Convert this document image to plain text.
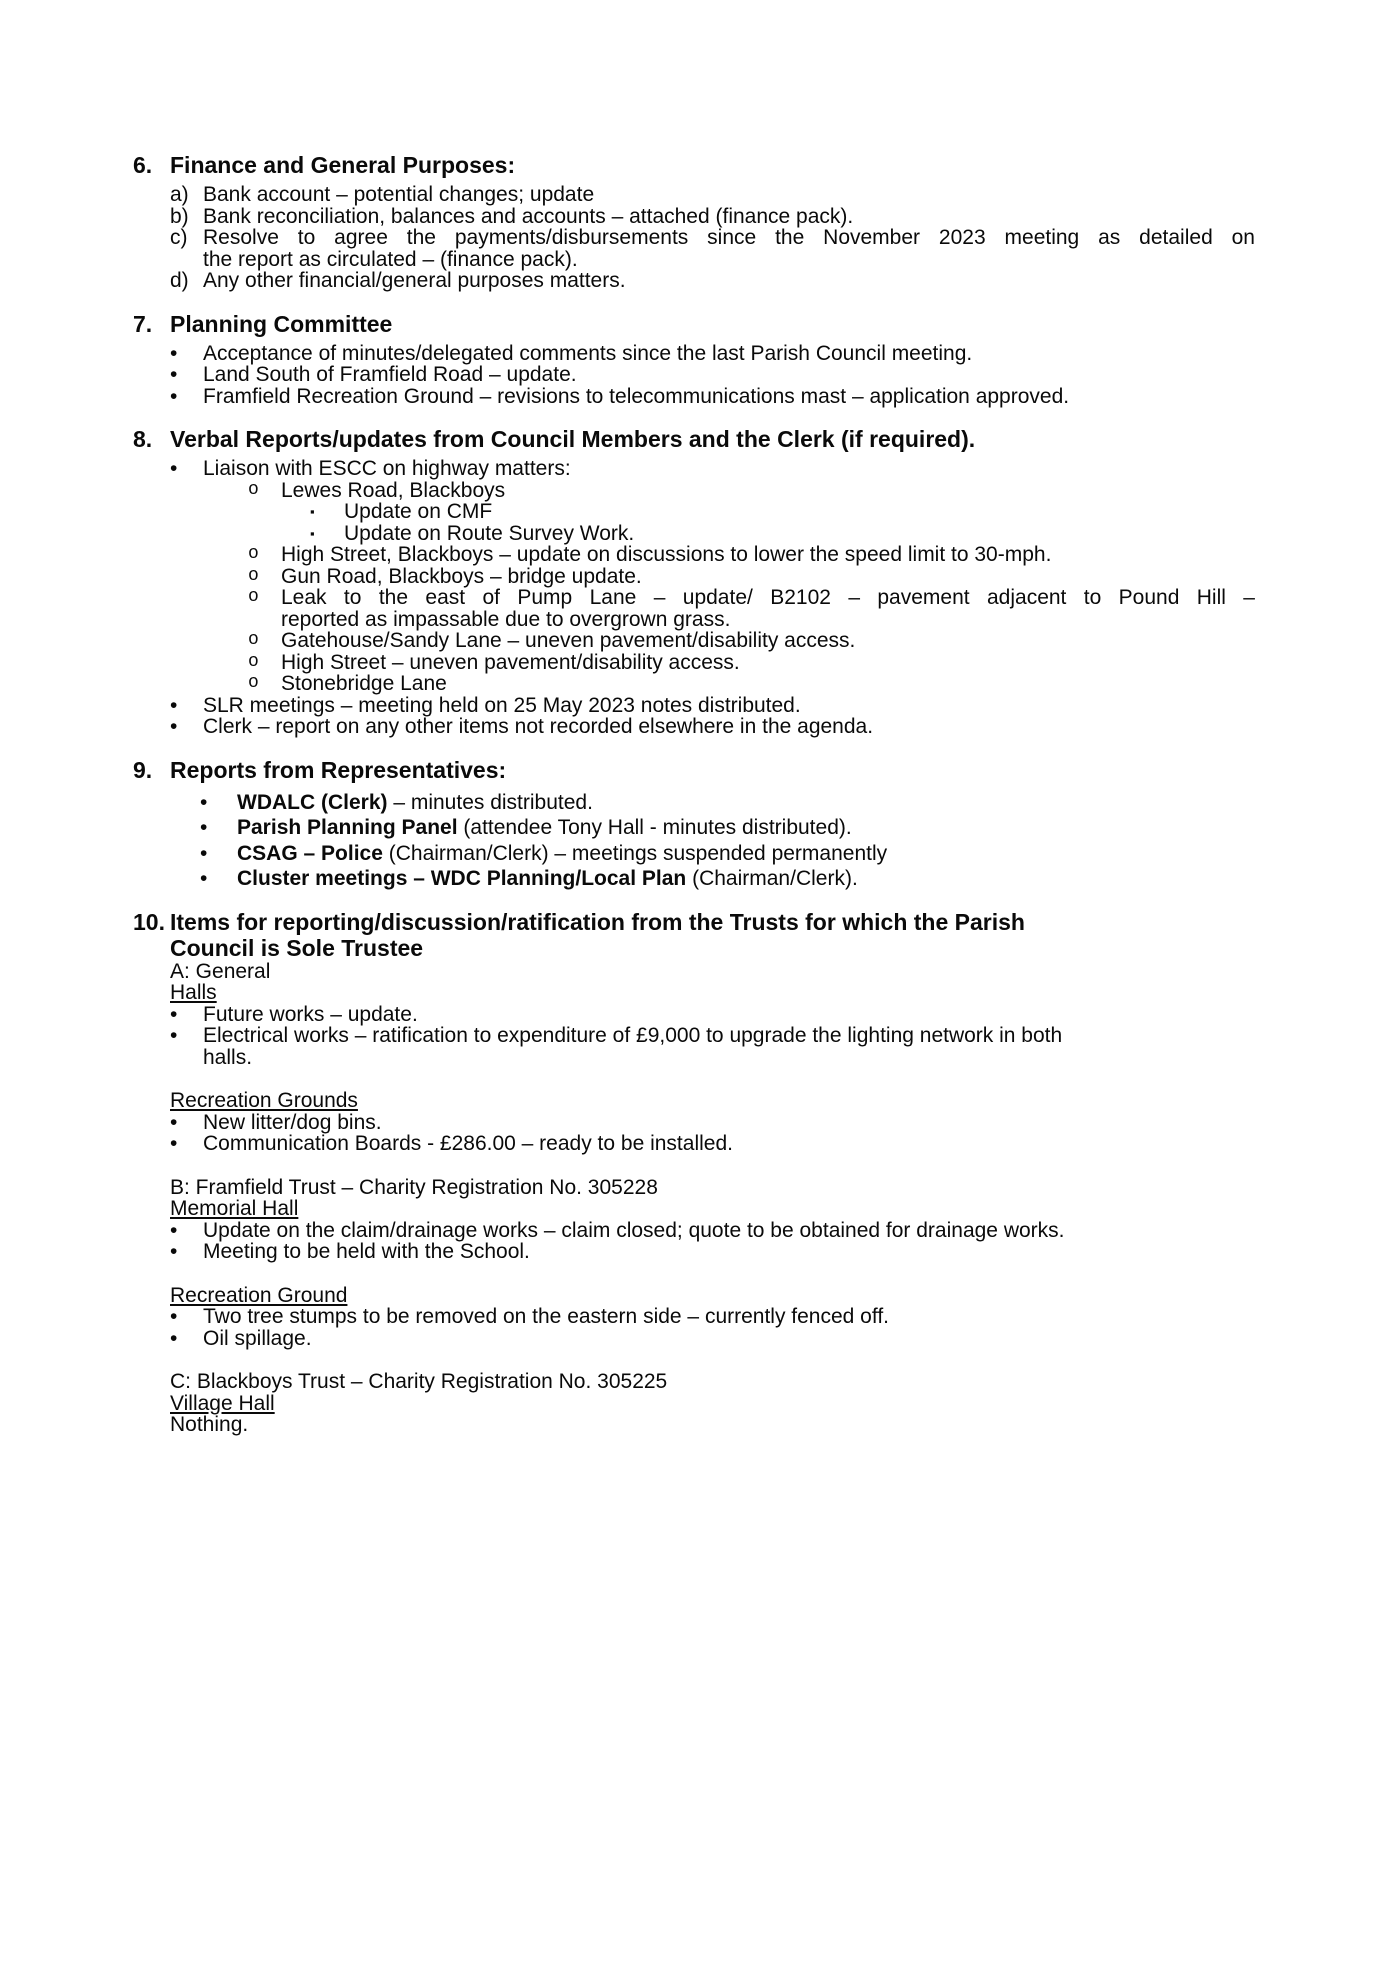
6. Finance and General Purposes:
a) Bank account – potential changes; update
b) Bank reconciliation, balances and accounts – attached (finance pack).
c) Resolve to agree the payments/disbursements since the November 2023 meeting as detailed on
the report as circulated – (finance pack).
d) Any other financial/general purposes matters.
7. Planning Committee
•	Acceptance of minutes/delegated comments since the last Parish Council meeting.
•	Land South of Framfield Road – update.
•	Framfield Recreation Ground – revisions to telecommunications mast – application approved.
8. Verbal Reports/updates from Council Members and the Clerk (if required).
•	Liaison with ESCC on highway matters:
o	Lewes Road, Blackboys
▪	Update on CMF
▪	Update on Route Survey Work.
o	High Street, Blackboys – update on discussions to lower the speed limit to 30-mph.
o	Gun Road, Blackboys – bridge update.
o	Leak to the east of Pump Lane – update/ B2102 – pavement adjacent to Pound Hill –
reported as impassable due to overgrown grass.
o	Gatehouse/Sandy Lane – uneven pavement/disability access.
o	High Street – uneven pavement/disability access.
o	Stonebridge Lane
•	SLR meetings – meeting held on 25 May 2023 notes distributed.
•	Clerk – report on any other items not recorded elsewhere in the agenda.
9. Reports from Representatives:
•	WDALC (Clerk) – minutes distributed.
•	Parish Planning Panel (attendee Tony Hall - minutes distributed).
•	CSAG – Police (Chairman/Clerk) – meetings suspended permanently
•	Cluster meetings – WDC Planning/Local Plan (Chairman/Clerk).
10. Items for reporting/discussion/ratification from the Trusts for which the Parish
Council is Sole Trustee
A: General
Halls
•	Future works – update.
•	Electrical works – ratification to expenditure of £9,000 to upgrade the lighting network in both
halls.
Recreation Grounds
•	New litter/dog bins.
•	Communication Boards - £286.00 – ready to be installed.
B: Framfield Trust – Charity Registration No. 305228
Memorial Hall
•	Update on the claim/drainage works – claim closed; quote to be obtained for drainage works.
•	Meeting to be held with the School.
Recreation Ground
•	Two tree stumps to be removed on the eastern side – currently fenced off.
•	Oil spillage.
C: Blackboys Trust – Charity Registration No. 305225
Village Hall
Nothing.
